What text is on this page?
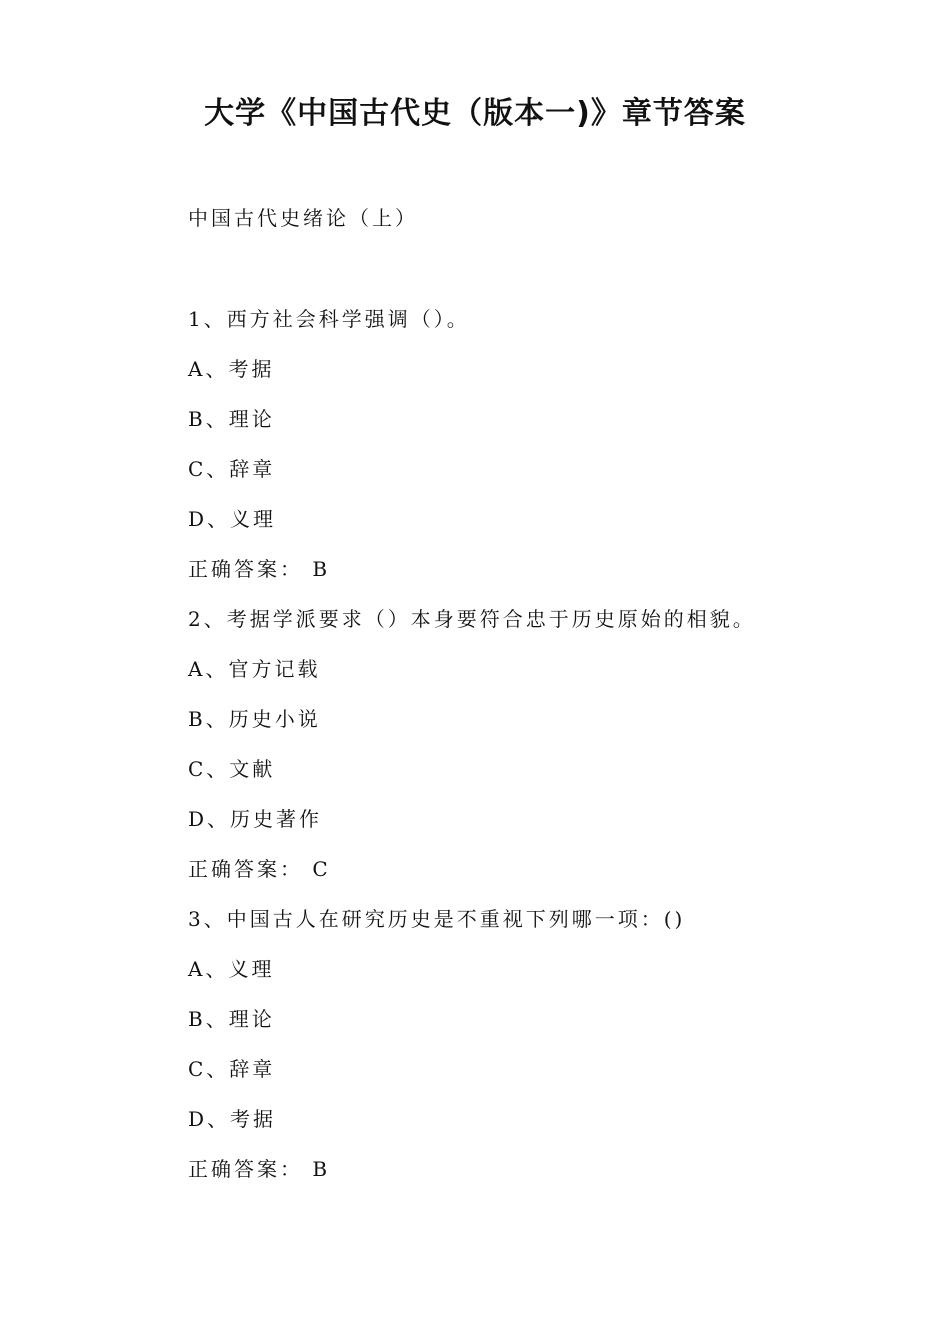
大学《中国古代史（版本一)》章节答案
中国古代史绪论（上）
1、西方社会科学强调（）。
A、考据
B、理论
C、辞章
D、义理
正确答案： B
2、考据学派要求（）本身要符合忠于历史原始的相貌。
A、官方记载
B、历史小说
C、文献
D、历史著作
正确答案： C
3、中国古人在研究历史是不重视下列哪一项：()
A、义理
B、理论
C、辞章
D、考据
正确答案： B
